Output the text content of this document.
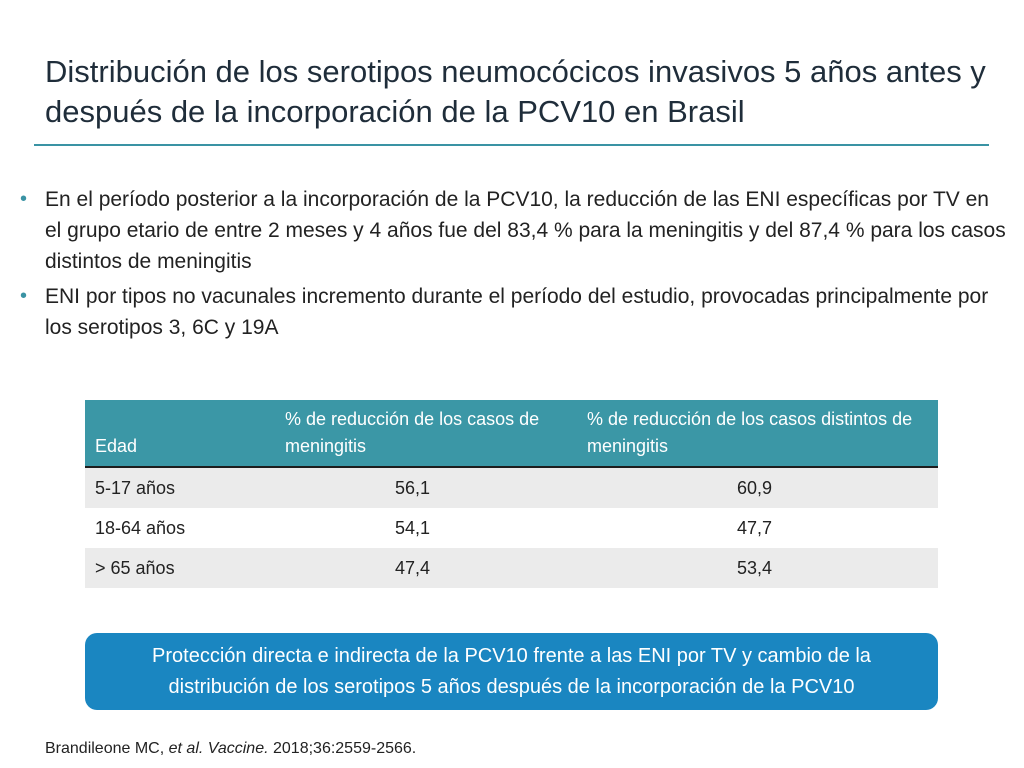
Distribución de los serotipos neumocócicos invasivos 5 años antes y después de la incorporación de la PCV10 en Brasil
• En el período posterior a la incorporación de la PCV10, la reducción de las ENI específicas por TV en el grupo etario de entre 2 meses y 4 años fue del 83,4 % para la meningitis y del 87,4 % para los casos distintos de meningitis
• ENI por tipos no vacunales incremento durante el período del estudio, provocadas principalmente por los serotipos 3, 6C y 19A
Edad	% de reducción de los casos de meningitis	% de reducción de los casos distintos de meningitis
5-17 años	56,1	60,9
18-64 años	54,1	47,7
> 65 años	47,4	53,4
Protección directa e indirecta de la PCV10 frente a las ENI por TV y cambio de la distribución de los serotipos 5 años después de la incorporación de la PCV10
Brandileone MC, et al. Vaccine. 2018;36:2559-2566.
